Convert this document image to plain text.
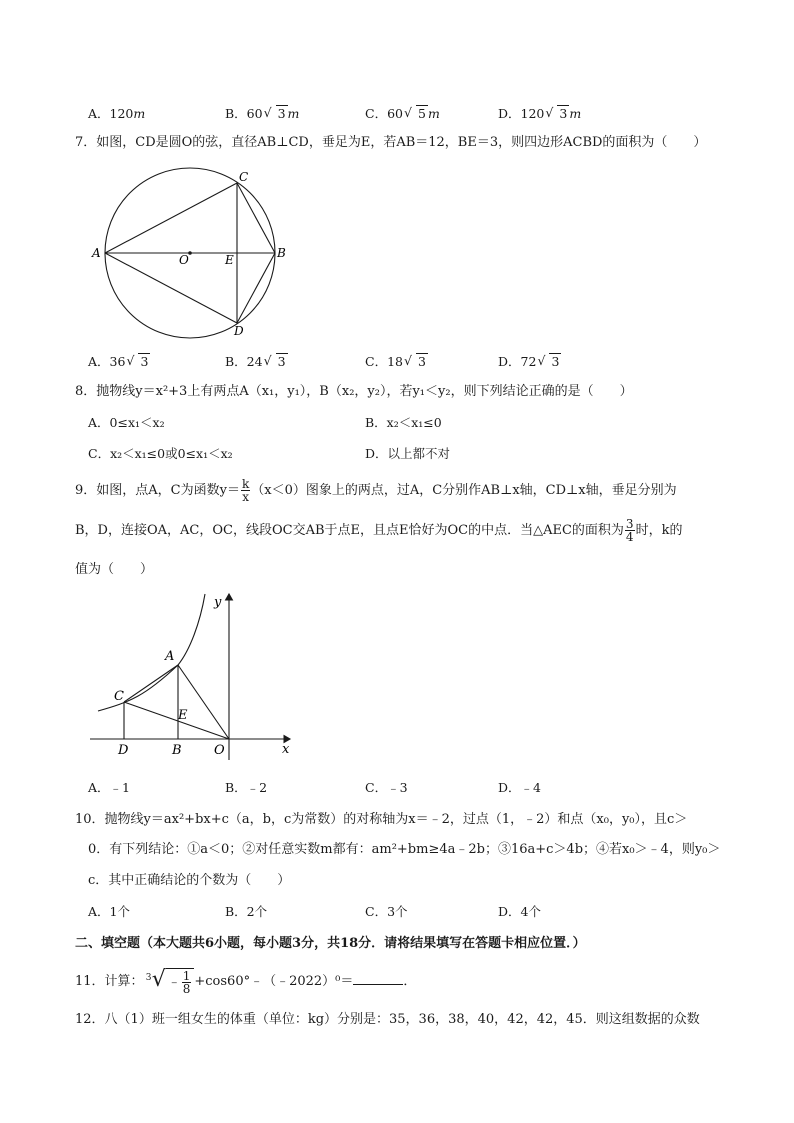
A．120m	B．60 √ 3 m	C．60 √ 5 m	D．120 √ 3 m
7．如图，CD是圆O的弦，直径AB⊥CD，垂足为E，若AB＝12，BE＝3，则四边形ACBD的面积为（　　）
A	B
C
D
O	E
A．36 √ 3	B．24 √ 3	C．18 √ 3	D．72 √ 3
8．抛物线y＝x²+3上有两点A（x₁，y₁），B（x₂，y₂），若y₁＜y₂，则下列结论正确的是（　　）
A．0≤x₁＜x₂	B．x₂＜x₁≤0
C．x₂＜x₁≤0或0≤x₁＜x₂	D．以上都不对
9．如图，点A，C为函数$y= \frac{k}{x} (x<0)$图象上的两点，过A，C分别作AB⊥x轴，CD⊥x轴，垂足分别为
B，D，连接OA，AC，OC，线段OC交AB于点E，且点E恰好为OC的中点．当△AEC的面积为 $\frac{3}{4}$ 时，k的
值为（　　）
y
x
A
C
E
D	B O
A．﹣1	B．﹣2	C．﹣3	D．﹣4
10．抛物线y＝ax²+bx+c（a，b，c为常数）的对称轴为x＝﹣2，过点（1，﹣2）和点（x₀，y₀），且c＞
0．有下列结论：①a＜0；②对任意实数m都有：am²+bm≥4a﹣2b；③16a+c＞4b；④若x₀＞﹣4，则y₀＞
c．其中正确结论的个数为（　　）
A．1个	B．2个	C．3个	D．4个
二、填空题（本大题共6小题，每小题3分，共18分．请将结果填写在答题卡相应位置．）
11．计算： 3 √ ﹣ $\frac{1}{8}$ +cos60°﹣（﹣2022）⁰＝	．
12．八（1）班一组女生的体重（单位：kg）分别是：35，36，38，40，42，42，45．则这组数据的众数
